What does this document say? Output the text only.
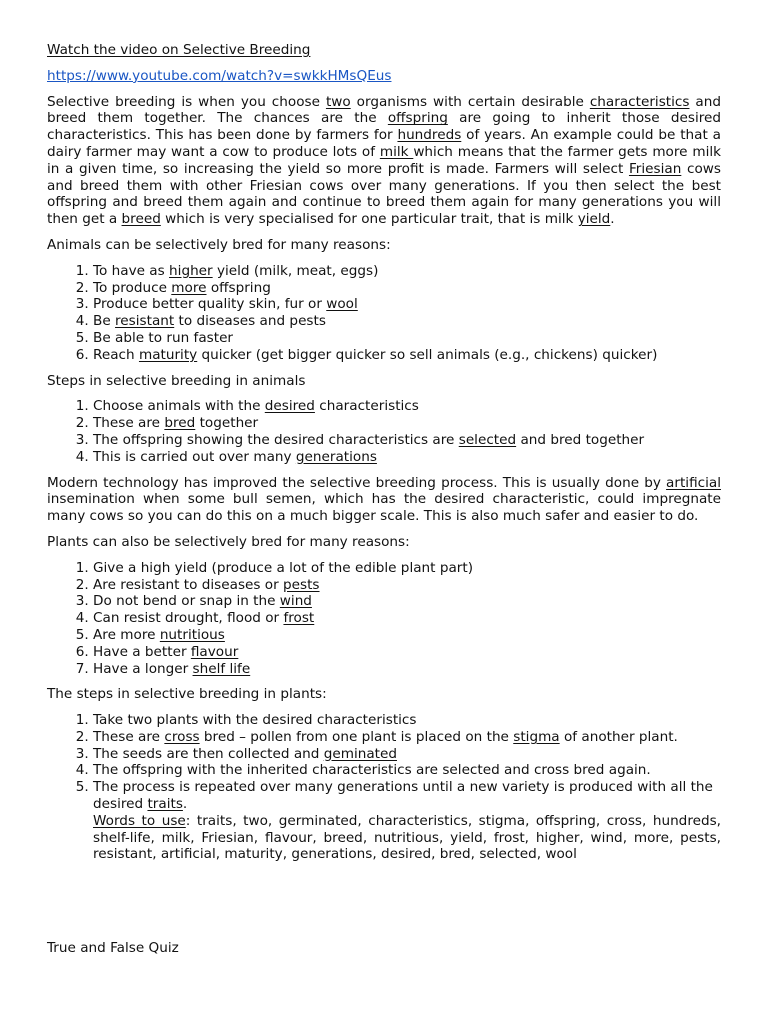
Watch the video on Selective Breeding

https://www.youtube.com/watch?v=swkkHMsQEus

Selective breeding is when you choose two organisms with certain desirable characteristics and breed them together. The chances are the offspring are going to inherit those desired characteristics. This has been done by farmers for hundreds of years. An example could be that a dairy farmer may want a cow to produce lots of milk which means that the farmer gets more milk in a given time, so increasing the yield so more profit is made. Farmers will select Friesian cows and breed them with other Friesian cows over many generations. If you then select the best offspring and breed them again and continue to breed them again for many generations you will then get a breed which is very specialised for one particular trait, that is milk yield.

Animals can be selectively bred for many reasons:

1. To have as higher yield (milk, meat, eggs)
2. To produce more offspring
3. Produce better quality skin, fur or wool
4. Be resistant to diseases and pests
5. Be able to run faster
6. Reach maturity quicker (get bigger quicker so sell animals (e.g., chickens) quicker)

Steps in selective breeding in animals

1. Choose animals with the desired characteristics
2. These are bred together
3. The offspring showing the desired characteristics are selected and bred together
4. This is carried out over many generations

Modern technology has improved the selective breeding process. This is usually done by artificial insemination when some bull semen, which has the desired characteristic, could impregnate many cows so you can do this on a much bigger scale. This is also much safer and easier to do.

Plants can also be selectively bred for many reasons:

1. Give a high yield (produce a lot of the edible plant part)
2. Are resistant to diseases or pests
3. Do not bend or snap in the wind
4. Can resist drought, flood or frost
5. Are more nutritious
6. Have a better flavour
7. Have a longer shelf life

The steps in selective breeding in plants:

1. Take two plants with the desired characteristics
2. These are cross bred – pollen from one plant is placed on the stigma of another plant.
3. The seeds are then collected and geminated
4. The offspring with the inherited characteristics are selected and cross bred again.
5. The process is repeated over many generations until a new variety is produced with all the desired traits.

Words to use: traits, two, germinated, characteristics, stigma, offspring, cross, hundreds, shelf-life, milk, Friesian, flavour, breed, nutritious, yield, frost, higher, wind, more, pests, resistant, artificial, maturity, generations, desired, bred, selected, wool

True and False Quiz
